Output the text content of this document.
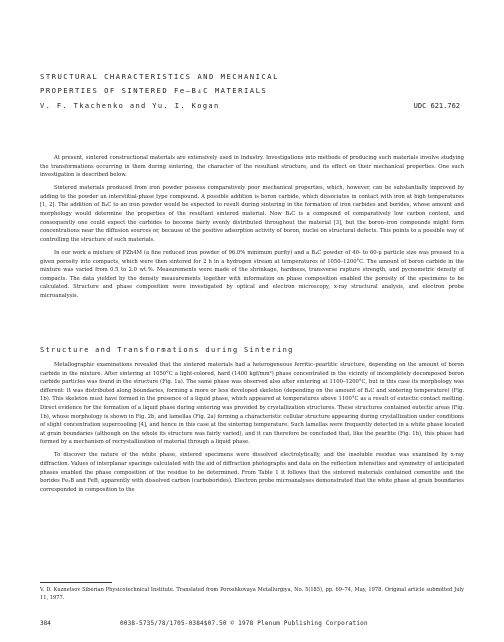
STRUCTURAL CHARACTERISTICS AND MECHANICAL
PROPERTIES OF SINTERED Fe–B₄C MATERIALS
V. F. Tkachenko and Yu. I. Kogan	UDC 621.762

At present, sintered constructional materials are extensively used in industry. Investigations into methods of producing such materials involve studying the transformations occurring in them during sintering, the character of the resultant structure, and its effect on their mechanical properties. One such investigation is described below.

Sintered materials produced from iron powder possess comparatively poor mechanical properties, which, however, can be substantially improved by adding to the powder an interstitial-phase type compound. A possible addition is boron carbide, which dissociates in contact with iron at high temperatures [1, 2]. The addition of B₄C to an iron powder would be expected to result during sintering in the formation of iron carbides and borides, whose amount and morphology would determine the properties of the resultant sintered material. Now B₄C is a compound of comparatively low carbon content, and consequently one could expect the carbides to become fairly evenly distributed throughout the material [3], but the boron–iron compounds might form concentrations near the diffusion sources or, because of the positive adsorption activity of boron, nuclei on structural defects. This points to a possible way of controlling the structure of such materials.

In our work a mixture of PZh4M (a fine reduced iron powder of 96.0% minimum purity) and a B₄C powder of 40- to 60-μ particle size was pressed to a given porosity into compacts, which were then sintered for 2 h in a hydrogen stream at temperatures of 1050–1200°C. The amount of boron carbide in the mixture was varied from 0.5 to 2.0 wt.%. Measurements were made of the shrinkage, hardness, transverse rupture strength, and pycnometric density of compacts. The data yielded by the density measurements together with information on phase composition enabled the porosity of the specimens to be calculated. Structure and phase composition were investigated by optical and electron microscopy, x-ray structural analysis, and electron probe microanalysis.

Structure and Transformations during Sintering

Metallographic examinations revealed that the sintered materials had a heterogeneous ferritic–pearlitic structure, depending on the amount of boron carbide in the mixture. After sintering at 1050°C a light-colored, hard (1400 kgf/mm²) phase concentrated in the vicinity of incompletely decomposed boron carbide particles was found in the structure (Fig. 1a). The same phase was observed also after sintering at 1100–1200°C, but in this case its morphology was different: It was distributed along boundaries, forming a more or less developed skeleton (depending on the amount of B₄C and sintering temperature) (Fig. 1b). This skeleton must have formed in the presence of a liquid phase, which appeared at temperatures above 1100°C as a result of eutectic contact melting. Direct evidence for the formation of a liquid phase during sintering was provided by crystallization structures. These structures contained eutectic areas (Fig. 1b), whose morphology is shown in Fig. 2b, and lamellas (Fig. 2a) forming a characteristic cellular structure appearing during crystallization under conditions of slight concentration supercooling [4], and hence in this case at the sintering temperature. Such lamellas were frequently detected in a white phase located at grain boundaries (although on the whole its structure was fairly varied), and it can therefore be concluded that, like the pearlite (Fig. 1b), this phase had formed by a mechanism of recrystallization of material through a liquid phase.

To discover the nature of the white phase, sintered specimens were dissolved electrolytically, and the insoluble residue was examined by x-ray diffraction. Values of interplanar spacings calculated with the aid of diffraction photographs and data on the reflection intensities and symmetry of anticipated phases enabled the phase composition of the residue to be determined. From Table 1 it follows that the sintered materials contained cementite and the borides Fe₂B and FeB, apparently with dissolved carbon (carboborides). Electron probe microanalyses demonstrated that the white phase at grain boundaries corresponded in composition to the

V. D. Kuznetsov Siberian Physicotechnical Institute. Translated from Poroshkovaya Metallurgiya, No. 5(185), pp. 69–74, May, 1978. Original article submitted July 11, 1977.

384	0038-5735/78/1705-0384$07.50 © 1978 Plenum Publishing Corporation
